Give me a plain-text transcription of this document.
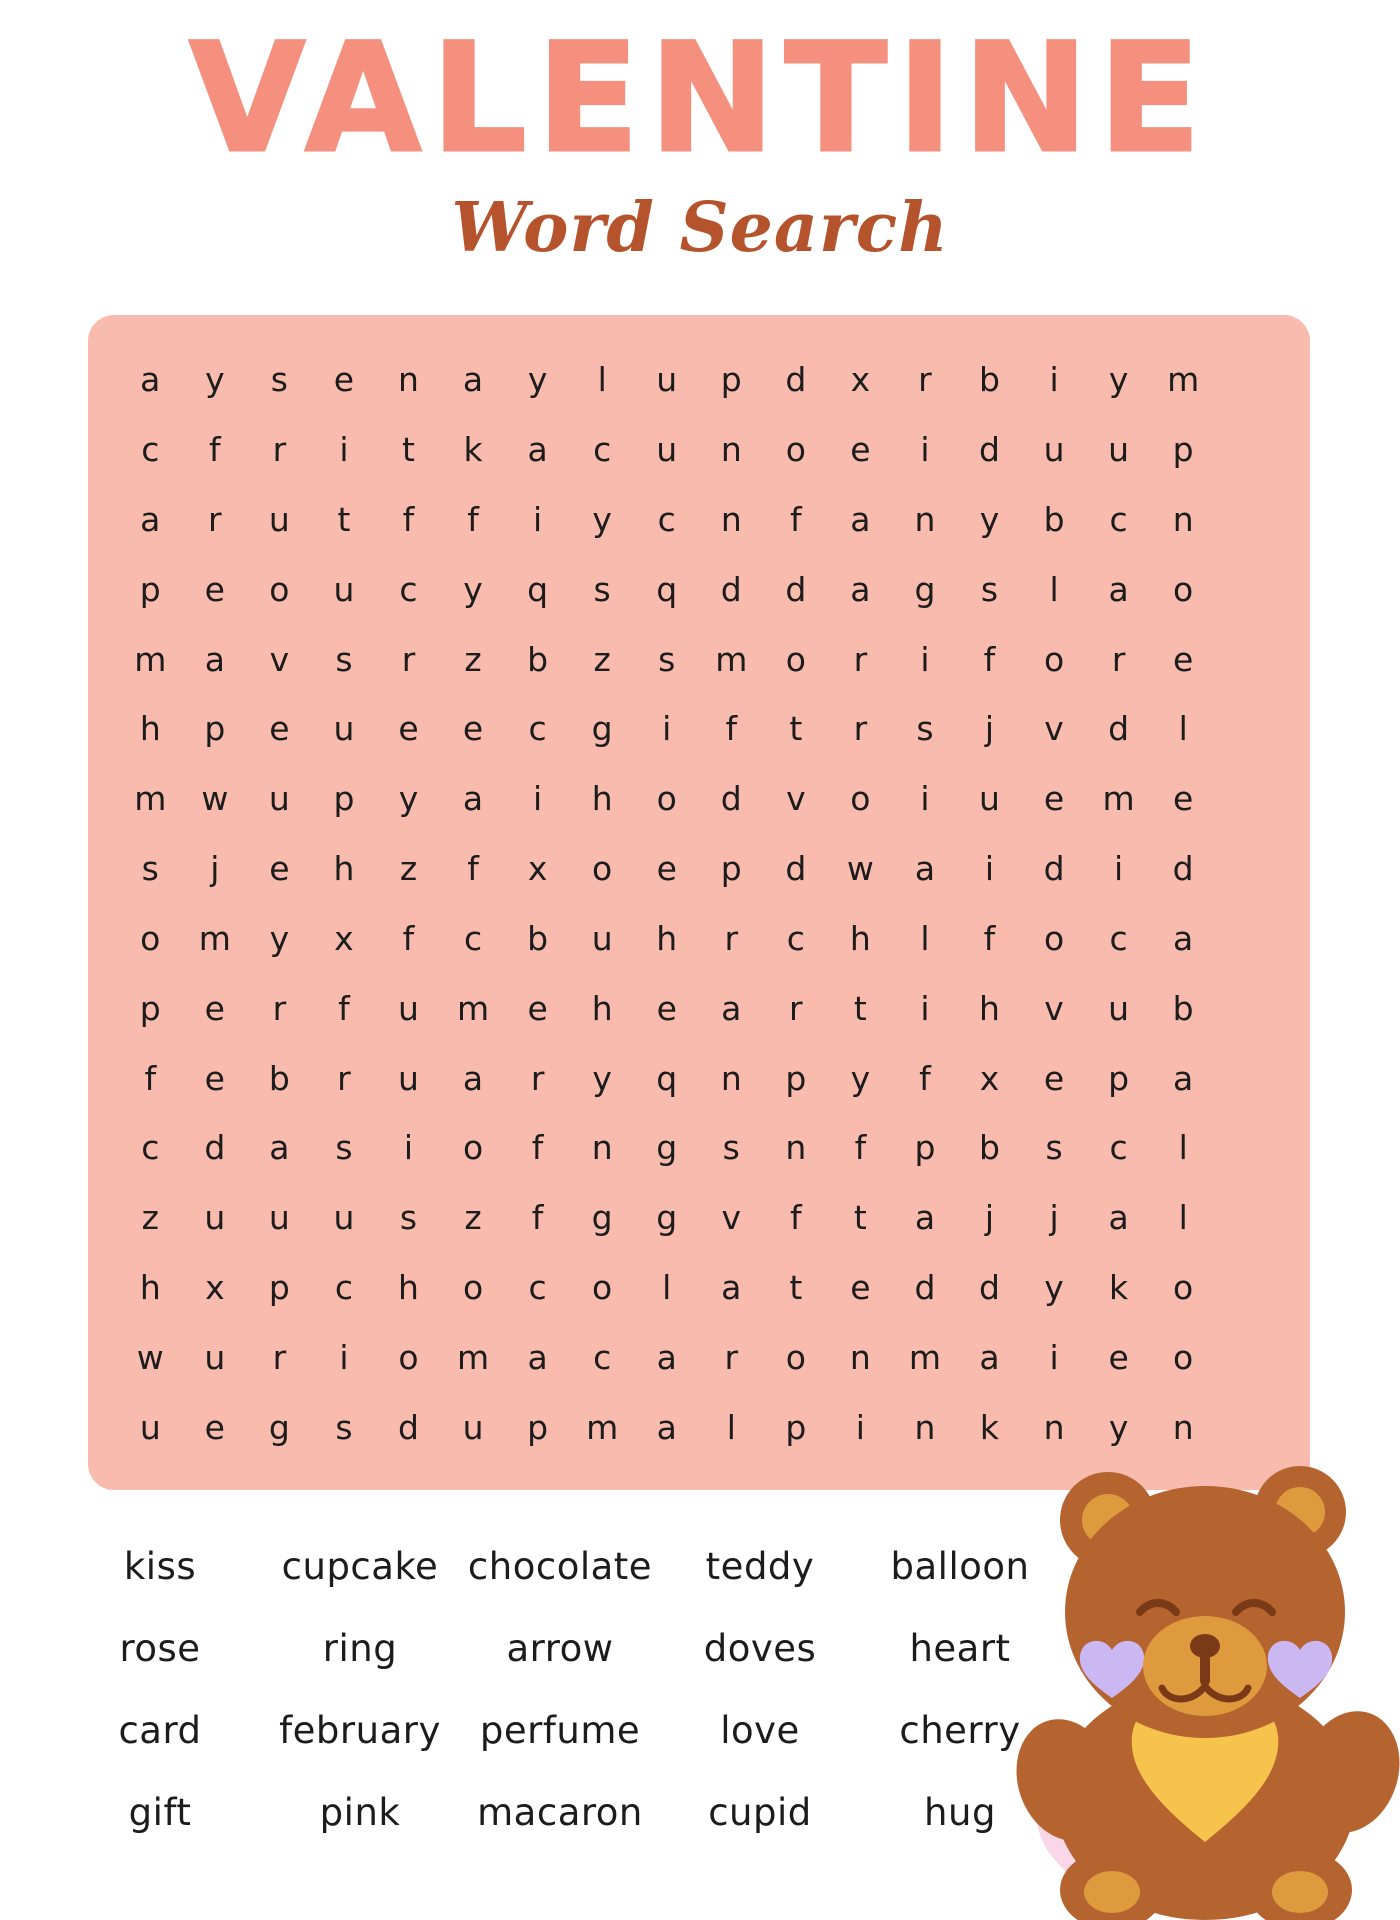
VALENTINE
Word Search
a y s e n a y l u p d x r b i y m
c f r i t k a c u n o e i d u u p
a r u t f f i y c n f a n y b c n
p e o u c y q s q d d a g s l a o
m a v s r z b z s m o r i f o r e
h p e u e e c g i f t r s j v d l
m w u p y a i h o d v o i u e m e
s j e h z f x o e p d w a i d i d
o m y x f c b u h r c h l f o c a
p e r f u m e h e a r t i h v u b
f e b r u a r y q n p y f x e p a
c d a s i o f n g s n f p b s c l
z u u u s z f g g v f t a j j a l
h x p c h o c o l a t e d d y k o
w u r i o m a c a r o n m a i e o
u e g s d u p m a l p i n k n y n
kiss cupcake chocolate teddy balloon
rose	ring	arrow doves	heart
card february perfume love	cherry
gift	pink macaron cupid	hug
